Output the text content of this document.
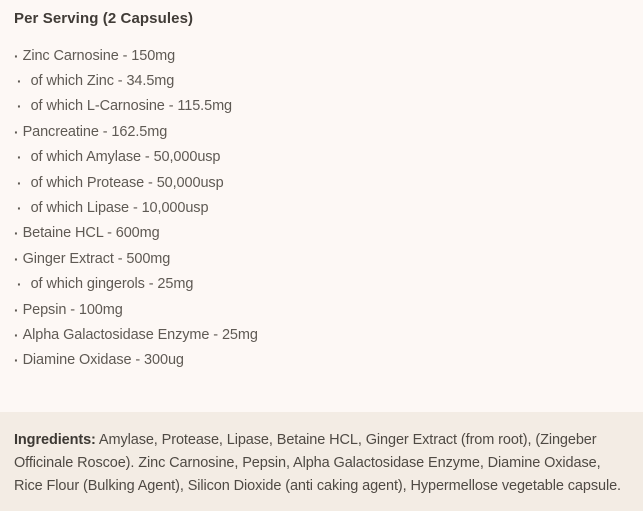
Per Serving (2 Capsules)
· Zinc Carnosine - 150mg
· of which Zinc - 34.5mg
· of which L-Carnosine - 115.5mg
· Pancreatine - 162.5mg
· of which Amylase - 50,000usp
· of which Protease - 50,000usp
· of which Lipase - 10,000usp
· Betaine HCL - 600mg
· Ginger Extract - 500mg
· of which gingerols - 25mg
· Pepsin - 100mg
· Alpha Galactosidase Enzyme - 25mg
· Diamine Oxidase - 300ug

Ingredients: Amylase, Protease, Lipase, Betaine HCL, Ginger Extract (from root), (Zingeber Officinale Roscoe). Zinc Carnosine, Pepsin, Alpha Galactosidase Enzyme, Diamine Oxidase, Rice Flour (Bulking Agent), Silicon Dioxide (anti caking agent), Hypermellose vegetable capsule.
